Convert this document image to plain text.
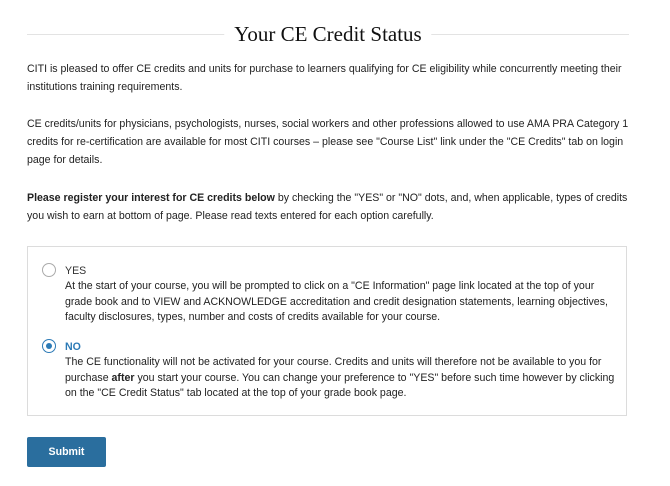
Your CE Credit Status

CITI is pleased to offer CE credits and units for purchase to learners qualifying for CE eligibility while concurrently meeting their institutions training requirements.

CE credits/units for physicians, psychologists, nurses, social workers and other professions allowed to use AMA PRA Category 1 credits for re-certification are available for most CITI courses – please see "Course List" link under the "CE Credits" tab on login page for details.

Please register your interest for CE credits below by checking the "YES" or "NO" dots, and, when applicable, types of credits you wish to earn at bottom of page. Please read texts entered for each option carefully.

YES

At the start of your course, you will be prompted to click on a "CE Information" page link located at the top of your grade book and to VIEW and ACKNOWLEDGE accreditation and credit designation statements, learning objectives, faculty disclosures, types, number and costs of credits available for your course.

NO

The CE functionality will not be activated for your course. Credits and units will therefore not be available to you for purchase after you start your course. You can change your preference to "YES" before such time however by clicking on the "CE Credit Status" tab located at the top of your grade book page.

Submit
